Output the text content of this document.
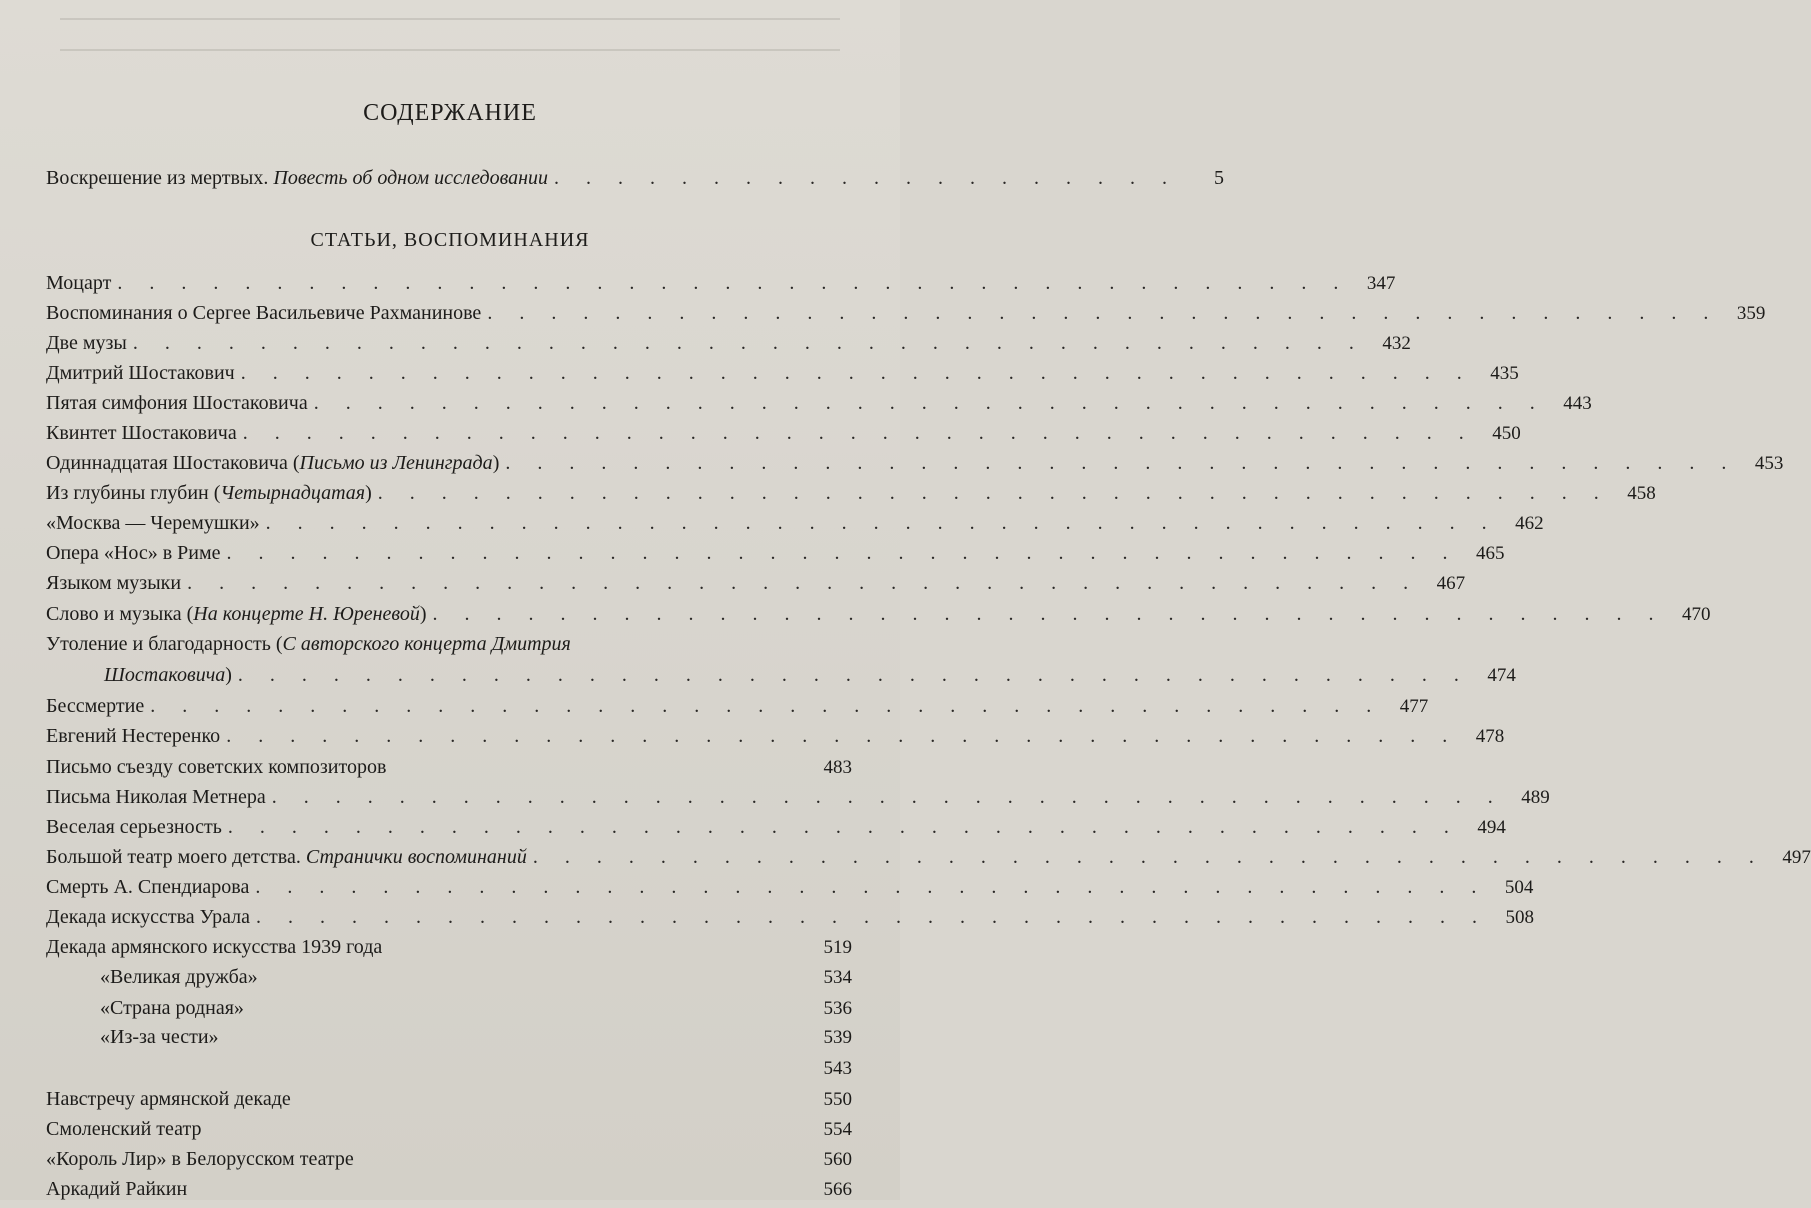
СОДЕРЖАНИЕ
Воскрешение из мертвых. Повесть об одном исследовании . . . . . . . . . . . . . . . . . . . .	5
СТАТЬИ, ВОСПОМИНАНИЯ
Моцарт . . . . . . . . . . . . . . . . . . . . . . . . . . . . . . . . . . . . . . . 347
Воспоминания о Сергее Васильевиче Рахманинове . . . . . . . . . . . . . . . . . . . . . . . . . . . . . . . . . . . . . . . 359
Две музы . . . . . . . . . . . . . . . . . . . . . . . . . . . . . . . . . . . . . . . 432
Дмитрий Шостакович . . . . . . . . . . . . . . . . . . . . . . . . . . . . . . . . . . . . . . . 435
Пятая симфония Шостаковича . . . . . . . . . . . . . . . . . . . . . . . . . . . . . . . . . . . . . . . 443
Квинтет Шостаковича . . . . . . . . . . . . . . . . . . . . . . . . . . . . . . . . . . . . . . . 450
Одиннадцатая Шостаковича (Письмо из Ленинграда) . . . . . . . . . . . . . . . . . . . . . . . . . . . . . . . . . . . . . . . 453
Из глубины глубин (Четырнадцатая) . . . . . . . . . . . . . . . . . . . . . . . . . . . . . . . . . . . . . . . 458
«Москва — Черемушки» . . . . . . . . . . . . . . . . . . . . . . . . . . . . . . . . . . . . . . . 462
Опера «Нос» в Риме . . . . . . . . . . . . . . . . . . . . . . . . . . . . . . . . . . . . . . . 465
Языком музыки . . . . . . . . . . . . . . . . . . . . . . . . . . . . . . . . . . . . . . . 467
Слово и музыка (На концерте Н. Юреневой) . . . . . . . . . . . . . . . . . . . . . . . . . . . . . . . . . . . . . . . 470
Утоление и благодарность (С авторского концерта Дмитрия
Шостаковича) . . . . . . . . . . . . . . . . . . . . . . . . . . . . . . . . . . . . . . . 474
Бессмертие . . . . . . . . . . . . . . . . . . . . . . . . . . . . . . . . . . . . . . . 477
Евгений Нестеренко . . . . . . . . . . . . . . . . . . . . . . . . . . . . . . . . . . . . . . . 478
Письмо съезду советских композиторов	483
Письма Николая Метнера . . . . . . . . . . . . . . . . . . . . . . . . . . . . . . . . . . . . . . . 489
Веселая серьезность . . . . . . . . . . . . . . . . . . . . . . . . . . . . . . . . . . . . . . . 494
Большой театр моего детства. Странички воспоминаний . . . . . . . . . . . . . . . . . . . . . . . . . . . . . . . . . . . . . . . 497
Смерть А. Спендиарова . . . . . . . . . . . . . . . . . . . . . . . . . . . . . . . . . . . . . . . 504
Декада искусства Урала . . . . . . . . . . . . . . . . . . . . . . . . . . . . . . . . . . . . . . . 508
Декада армянского искусства 1939 года	519
«Великая дружба»	534
«Страна родная»	536
«Из-за чести»	539
543
Навстречу армянской декаде	550
Смоленский театр	554
«Король Лир» в Белорусском театре	560
Аркадий Райкин	566
